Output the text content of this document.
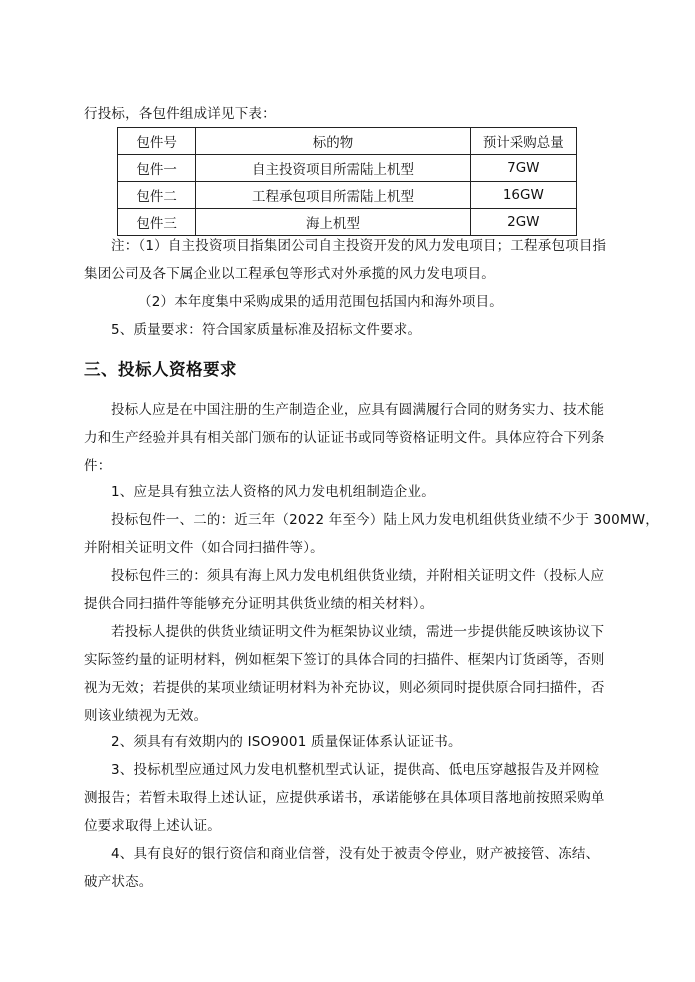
行投标，各包件组成详见下表：

包件号	标的物	预计采购总量
包件一	自主投资项目所需陆上机型	7GW
包件二	工程承包项目所需陆上机型	16GW
包件三	海上机型	2GW

注：（1）自主投资项目指集团公司自主投资开发的风力发电项目；工程承包项目指
集团公司及各下属企业以工程承包等形式对外承揽的风力发电项目。

（2）本年度集中采购成果的适用范围包括国内和海外项目。

5、质量要求：符合国家质量标准及招标文件要求。

三、投标人资格要求

投标人应是在中国注册的生产制造企业，应具有圆满履行合同的财务实力、技术能
力和生产经验并具有相关部门颁布的认证证书或同等资格证明文件。具体应符合下列条
件：

1、应是具有独立法人资格的风力发电机组制造企业。

投标包件一、二的：近三年（2022 年至今）陆上风力发电机组供货业绩不少于 300MW，
并附相关证明文件（如合同扫描件等）。

投标包件三的：须具有海上风力发电机组供货业绩，并附相关证明文件（投标人应
提供合同扫描件等能够充分证明其供货业绩的相关材料）。

若投标人提供的供货业绩证明文件为框架协议业绩，需进一步提供能反映该协议下
实际签约量的证明材料，例如框架下签订的具体合同的扫描件、框架内订货函等，否则
视为无效；若提供的某项业绩证明材料为补充协议，则必须同时提供原合同扫描件，否
则该业绩视为无效。

2、须具有有效期内的 ISO9001 质量保证体系认证证书。

3、投标机型应通过风力发电机整机型式认证，提供高、低电压穿越报告及并网检
测报告；若暂未取得上述认证，应提供承诺书，承诺能够在具体项目落地前按照采购单
位要求取得上述认证。

4、具有良好的银行资信和商业信誉，没有处于被责令停业，财产被接管、冻结、
破产状态。
